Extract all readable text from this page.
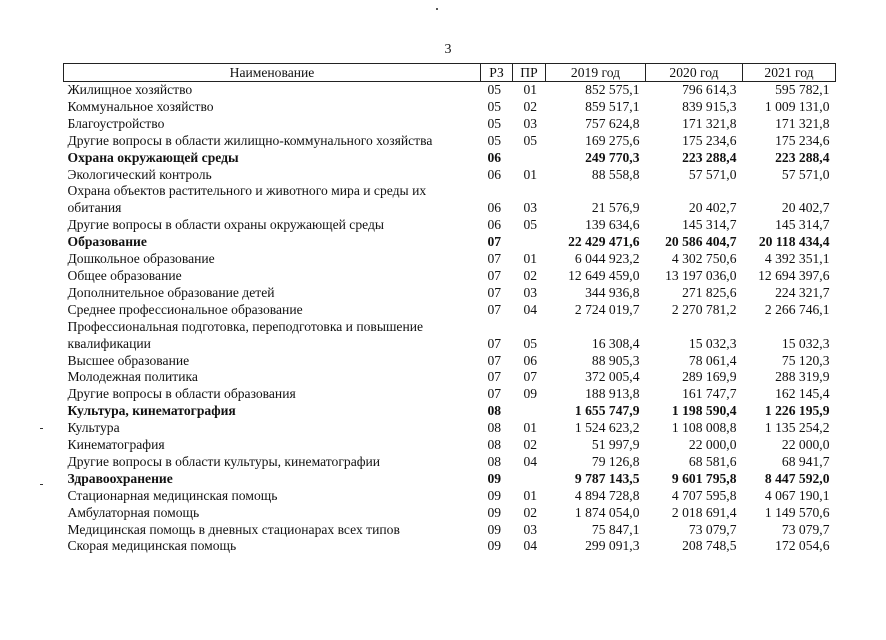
3
Наименование	РЗ	ПР	2019 год	2020 год	2021 год
Жилищное хозяйство	05	01	852 575,1	796 614,3	595 782,1
Коммунальное хозяйство	05	02	859 517,1	839 915,3	1 009 131,0
Благоустройство	05	03	757 624,8	171 321,8	171 321,8
Другие вопросы в области жилищно-коммунального хозяйства	05	05	169 275,6	175 234,6	175 234,6
Охрана окружающей среды	06		249 770,3	223 288,4	223 288,4
Экологический контроль	06	01	88 558,8	57 571,0	57 571,0
Охрана объектов растительного и животного мира и среды их обитания	06	03	21 576,9	20 402,7	20 402,7
Другие вопросы в области охраны окружающей среды	06	05	139 634,6	145 314,7	145 314,7
Образование	07		22 429 471,6	20 586 404,7	20 118 434,4
Дошкольное образование	07	01	6 044 923,2	4 302 750,6	4 392 351,1
Общее образование	07	02	12 649 459,0	13 197 036,0	12 694 397,6
Дополнительное образование детей	07	03	344 936,8	271 825,6	224 321,7
Среднее профессиональное образование	07	04	2 724 019,7	2 270 781,2	2 266 746,1
Профессиональная подготовка, переподготовка и повышение квалификации	07	05	16 308,4	15 032,3	15 032,3
Высшее образование	07	06	88 905,3	78 061,4	75 120,3
Молодежная политика	07	07	372 005,4	289 169,9	288 319,9
Другие вопросы в области образования	07	09	188 913,8	161 747,7	162 145,4
Культура, кинематография	08		1 655 747,9	1 198 590,4	1 226 195,9
Культура	08	01	1 524 623,2	1 108 008,8	1 135 254,2
Кинематография	08	02	51 997,9	22 000,0	22 000,0
Другие вопросы в области культуры, кинематографии	08	04	79 126,8	68 581,6	68 941,7
Здравоохранение	09		9 787 143,5	9 601 795,8	8 447 592,0
Стационарная медицинская помощь	09	01	4 894 728,8	4 707 595,8	4 067 190,1
Амбулаторная помощь	09	02	1 874 054,0	2 018 691,4	1 149 570,6
Медицинская помощь в дневных стационарах всех типов	09	03	75 847,1	73 079,7	73 079,7
Скорая медицинская помощь	09	04	299 091,3	208 748,5	172 054,6
